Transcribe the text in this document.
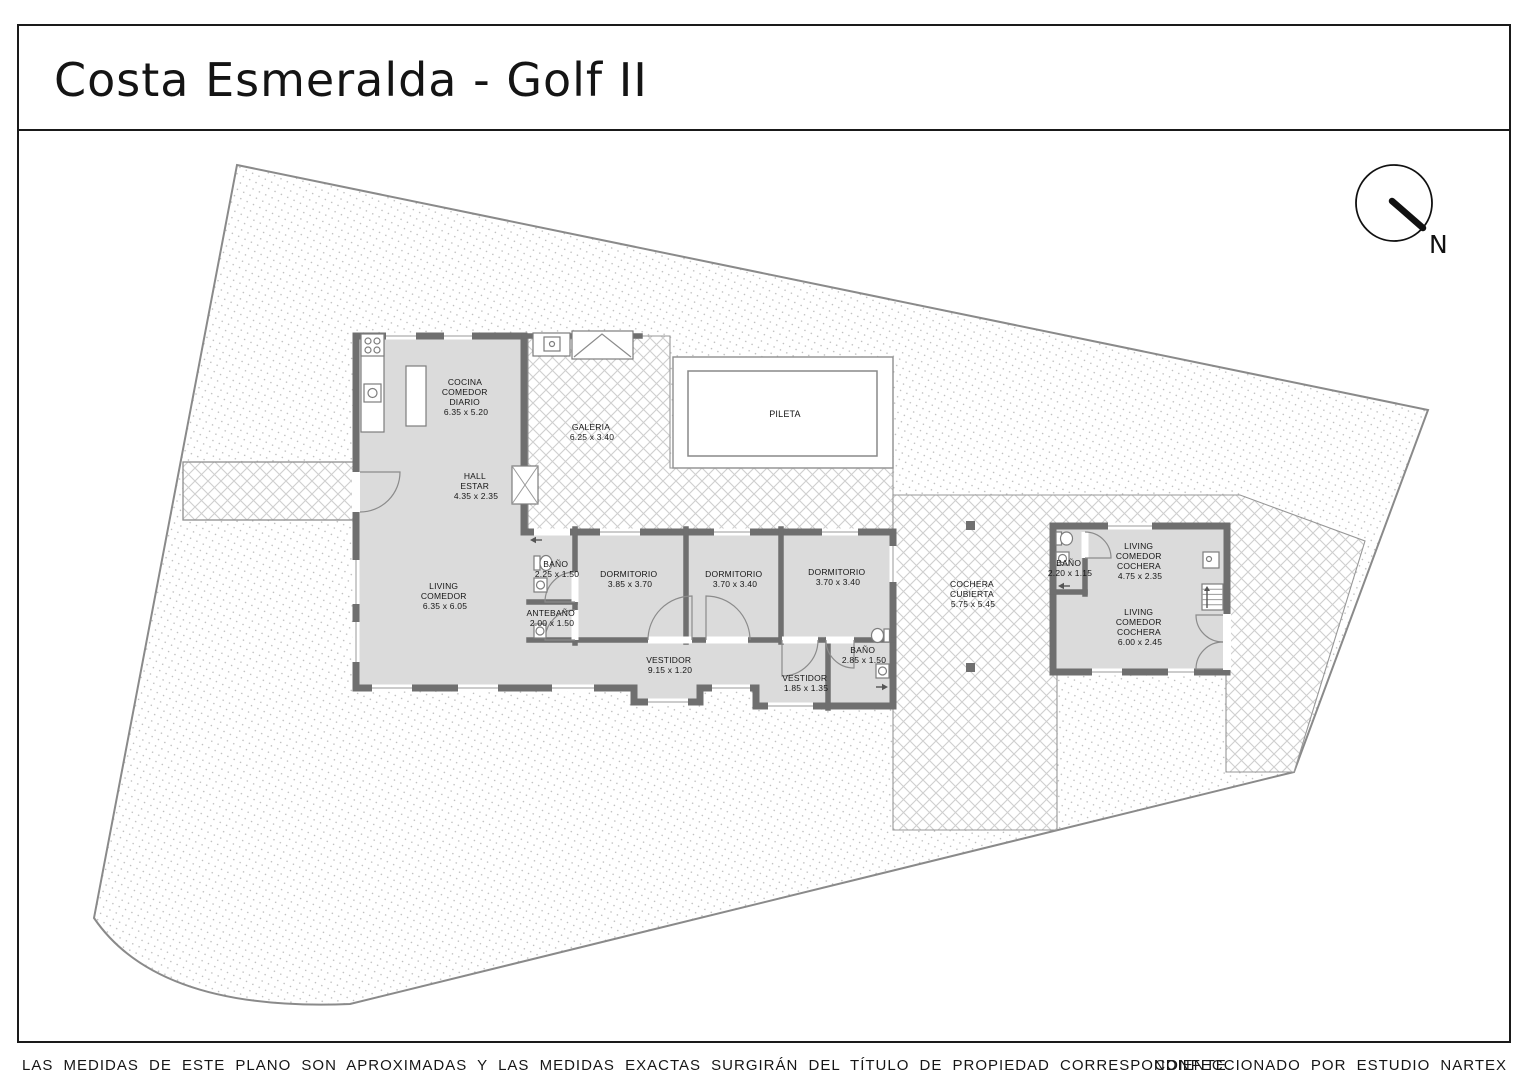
COCINA COMEDOR DIARIO 6.35 x 5.20
HALL ESTAR 4.35 x 2.35
LIVING COMEDOR 6.35 x 6.05
GALERIA 6.25 x 3.40
PILETA
BAÑO 2.25 x 1.50
ANTEBAÑO 2.00 x 1.50
DORMITORIO 3.85 x 3.70
DORMITORIO 3.70 x 3.40
DORMITORIO 3.70 x 3.40
VESTIDOR 9.15 x 1.20
VESTIDOR 1.85 x 1.35
BAÑO 2.85 x 1.50
COCHERA CUBIERTA 5.75 x 5.45
BAÑO 2.20 x 1.15
LIVING COMEDOR COCHERA 4.75 x 2.35
LIVING COMEDOR COCHERA 6.00 x 2.45
N
Costa Esmeralda - Golf II
LAS MEDIDAS DE ESTE PLANO SON APROXIMADAS Y LAS MEDIDAS EXACTAS SURGIRÁN DEL TÍTULO DE PROPIEDAD CORRESPONDIENTE.
CONFECCIONADO POR ESTUDIO NARTEX
